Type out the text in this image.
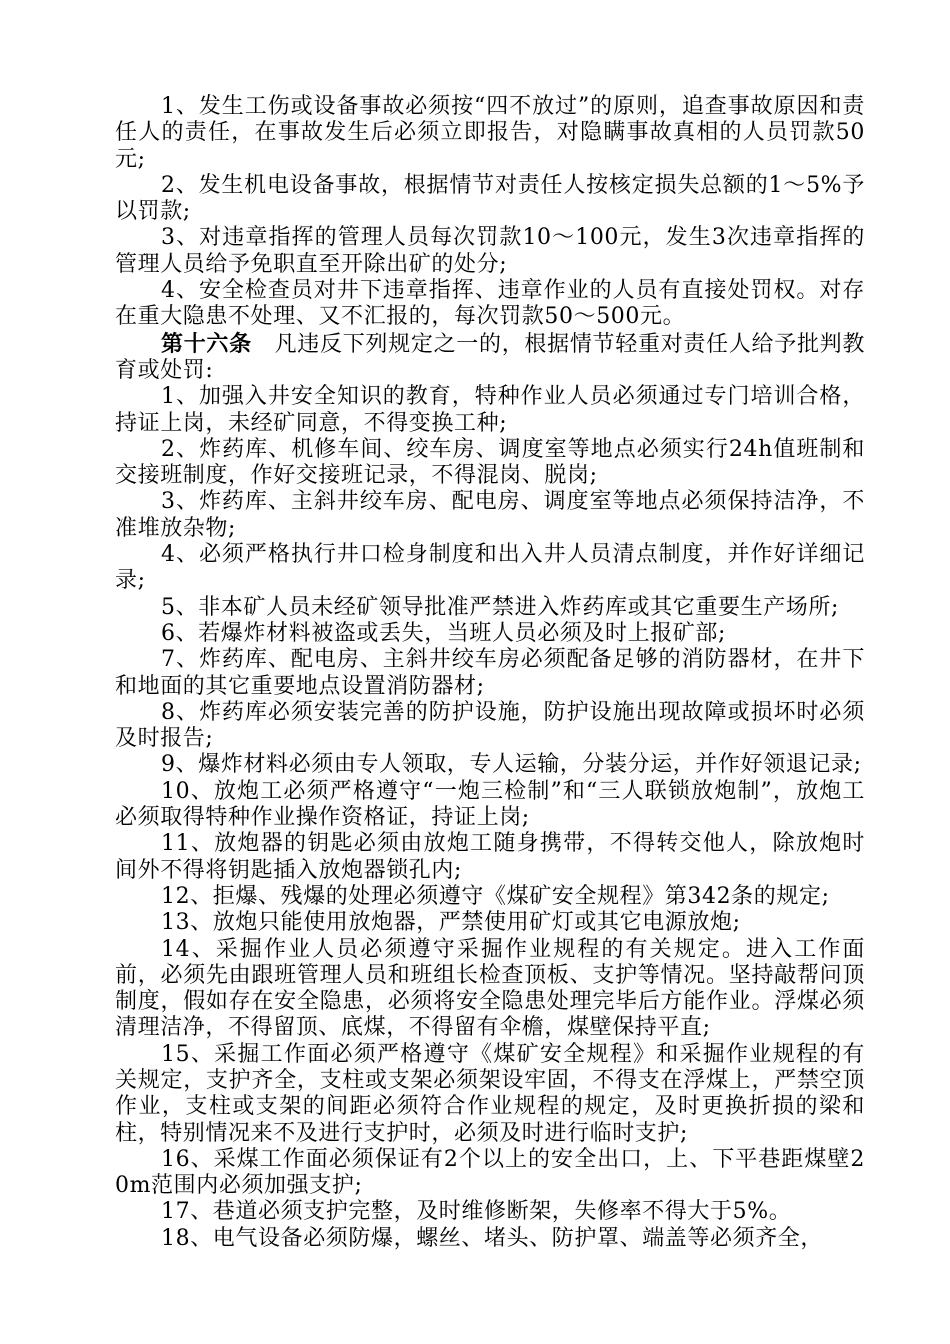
1、发生工伤或设备事故必须按“四不放过”的原则，追查事故原因和责任人的责任，在事故发生后必须立即报告，对隐瞒事故真相的人员罚款50元;

2、发生机电设备事故，根据情节对责任人按核定损失总额的1～5%予以罚款;

3、对违章指挥的管理人员每次罚款10～100元，发生3次违章指挥的管理人员给予免职直至开除出矿的处分;

4、安全检查员对井下违章指挥、违章作业的人员有直接处罚权。对存在重大隐患不处理、又不汇报的，每次罚款50～500元。

第十六条　凡违反下列规定之一的，根据情节轻重对责任人给予批判教育或处罚:

1、加强入井安全知识的教育，特种作业人员必须通过专门培训合格，持证上岗，未经矿同意，不得变换工种;

2、炸药库、机修车间、绞车房、调度室等地点必须实行24h值班制和交接班制度，作好交接班记录，不得混岗、脱岗;

3、炸药库、主斜井绞车房、配电房、调度室等地点必须保持洁净，不准堆放杂物;

4、必须严格执行井口检身制度和出入井人员清点制度，并作好详细记录;

5、非本矿人员未经矿领导批准严禁进入炸药库或其它重要生产场所;

6、若爆炸材料被盗或丢失，当班人员必须及时上报矿部;

7、炸药库、配电房、主斜井绞车房必须配备足够的消防器材，在井下和地面的其它重要地点设置消防器材;

8、炸药库必须安装完善的防护设施，防护设施出现故障或损坏时必须及时报告;

9、爆炸材料必须由专人领取，专人运输，分装分运，并作好领退记录;

10、放炮工必须严格遵守“一炮三检制”和“三人联锁放炮制”，放炮工必须取得特种作业操作资格证，持证上岗;

11、放炮器的钥匙必须由放炮工随身携带，不得转交他人，除放炮时间外不得将钥匙插入放炮器锁孔内;

12、拒爆、残爆的处理必须遵守《煤矿安全规程》第342条的规定;

13、放炮只能使用放炮器，严禁使用矿灯或其它电源放炮;

14、采掘作业人员必须遵守采掘作业规程的有关规定。进入工作面前，必须先由跟班管理人员和班组长检查顶板、支护等情况。坚持敲帮问顶制度，假如存在安全隐患，必须将安全隐患处理完毕后方能作业。浮煤必须清理洁净，不得留顶、底煤，不得留有伞檐，煤壁保持平直;

15、采掘工作面必须严格遵守《煤矿安全规程》和采掘作业规程的有关规定，支护齐全，支柱或支架必须架设牢固，不得支在浮煤上，严禁空顶作业，支柱或支架的间距必须符合作业规程的规定，及时更换折损的梁和柱，特别情况来不及进行支护时，必须及时进行临时支护;

16、采煤工作面必须保证有2个以上的安全出口，上、下平巷距煤壁20m范围内必须加强支护;

17、巷道必须支护完整，及时维修断架，失修率不得大于5%。

18、电气设备必须防爆，螺丝、堵头、防护罩、端盖等必须齐全，
